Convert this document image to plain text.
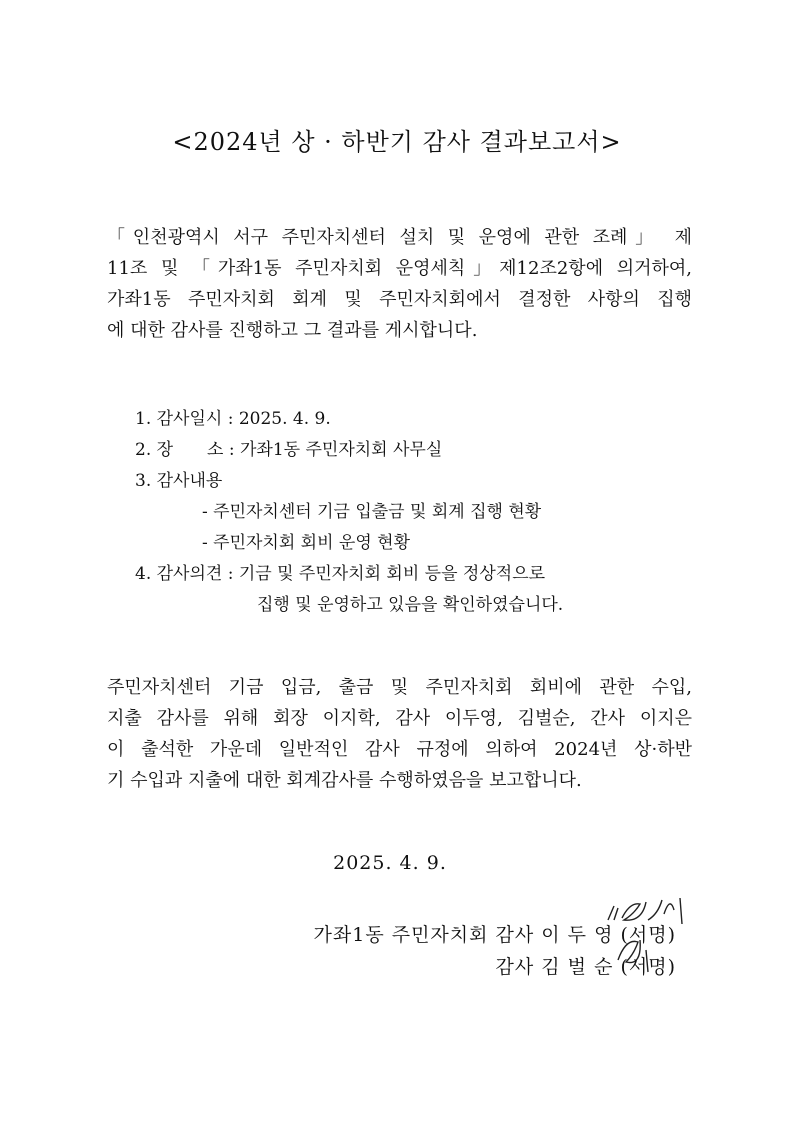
<2024년 상 · 하반기 감사 결과보고서>
「인천광역시 서구 주민자치센터 설치 및 운영에 관한 조례」 제
11조 및 「가좌1동 주민자치회 운영세칙」제12조2항에 의거하여,
가좌1동 주민자치회 회계 및 주민자치회에서 결정한 사항의 집행
에 대한 감사를 진행하고 그 결과를 게시합니다.
1. 감사일시 : 2025. 4. 9.
2. 장　　소 : 가좌1동 주민자치회 사무실
3. 감사내용
- 주민자치센터 기금 입출금 및 회계 집행 현황
- 주민자치회 회비 운영 현황
4. 감사의견 : 기금 및 주민자치회 회비 등을 정상적으로
집행 및 운영하고 있음을 확인하였습니다.
주민자치센터 기금 입금, 출금 및 주민자치회 회비에 관한 수입,
지출 감사를 위해 회장 이지학, 감사 이두영, 김벌순, 간사 이지은
이 출석한 가운데 일반적인 감사 규정에 의하여 2024년 상·하반
기 수입과 지출에 대한 회계감사를 수행하였음을 보고합니다.
2025. 4. 9.
가좌1동 주민자치회 감사 이 두 영 (서명)
감사 김 벌 순 (서명)
